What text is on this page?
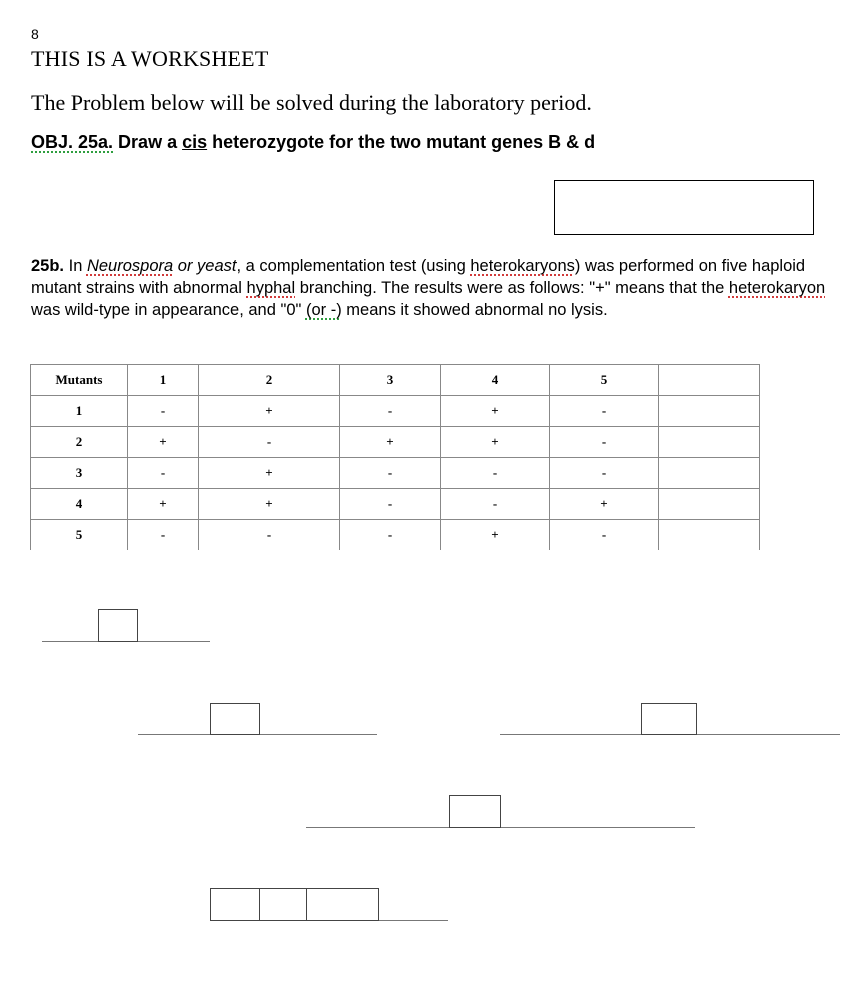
8
THIS IS A WORKSHEET
The Problem below will be solved during the laboratory period.
OBJ. 25a. Draw a cis heterozygote for the two mutant genes B & d
25b. In Neurospora or yeast, a complementation test (using heterokaryons) was performed on five haploid mutant strains with abnormal hyphal branching. The results were as follows: "+" means that the heterokaryon was wild-type in appearance, and "0" (or -) means it showed abnormal no lysis.
Mutants	1	2	3	4	5	
1	-	+	-	+	-	
2	+	-	+	+	-	
3	-	+	-	-	-	
4	+	+	-	-	+	
5	-	-	-	+	-	
